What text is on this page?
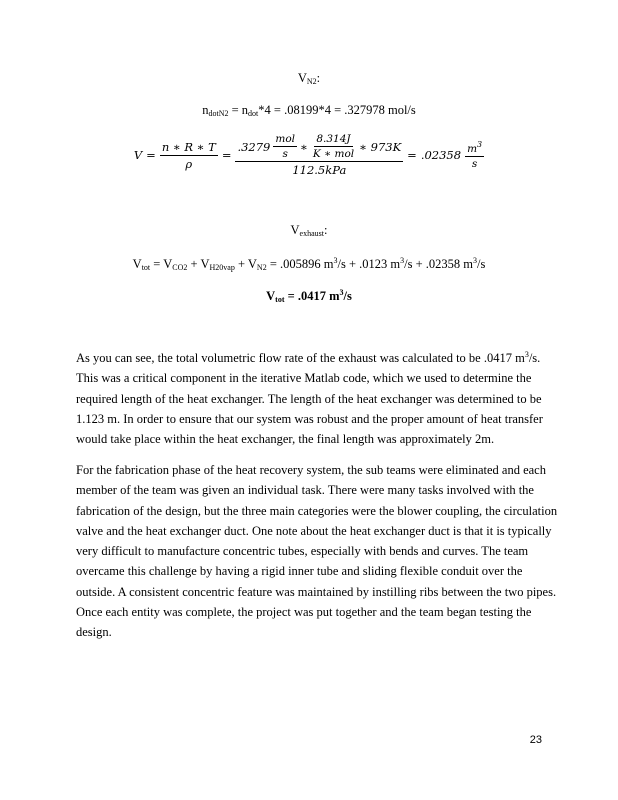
$V_{N2}$:
$n_{dotN2} = n_{dot}*4 = .08199*4 = .327978$ mol/s
$V = \frac{n ∗ R ∗ T}{\rho}$ =
$.3279 \frac{\text{mol}}{s}$ ∗ $\frac{8.314J}{\text{K ∗ mol}}$ ∗ 973K
112.5kPa
= $.02358 \frac{m^3}{s}$
$V_{exhaust}$:
$V_{tot} = V_{CO2} + V_{H20vap} + V_{N2} = .005896$ $m^3/s + .0123$ $m^3/s + .02358$ $m^3/s$
$V_{tot} = .0417$ $m^3/s$

As you can see, the total volumetric flow rate of the exhaust was calculated to be .0417 $m^3/s$.

This was a critical component in the iterative Matlab code, which we used to determine the

required length of the heat exchanger. The length of the heat exchanger was determined to be

1.123 m. In order to ensure that our system was robust and the proper amount of heat transfer

would take place within the heat exchanger, the final length was approximately 2m.

For the fabrication phase of the heat recovery system, the sub teams were eliminated and each

member of the team was given an individual task. There were many tasks involved with the

fabrication of the design, but the three main categories were the blower coupling, the circulation

valve and the heat exchanger duct. One note about the heat exchanger duct is that it is typically

very difficult to manufacture concentric tubes, especially with bends and curves. The team

overcame this challenge by having a rigid inner tube and sliding flexible conduit over the

outside. A consistent concentric feature was maintained by instilling ribs between the two pipes.

Once each entity was complete, the project was put together and the team began testing the

design.

23
